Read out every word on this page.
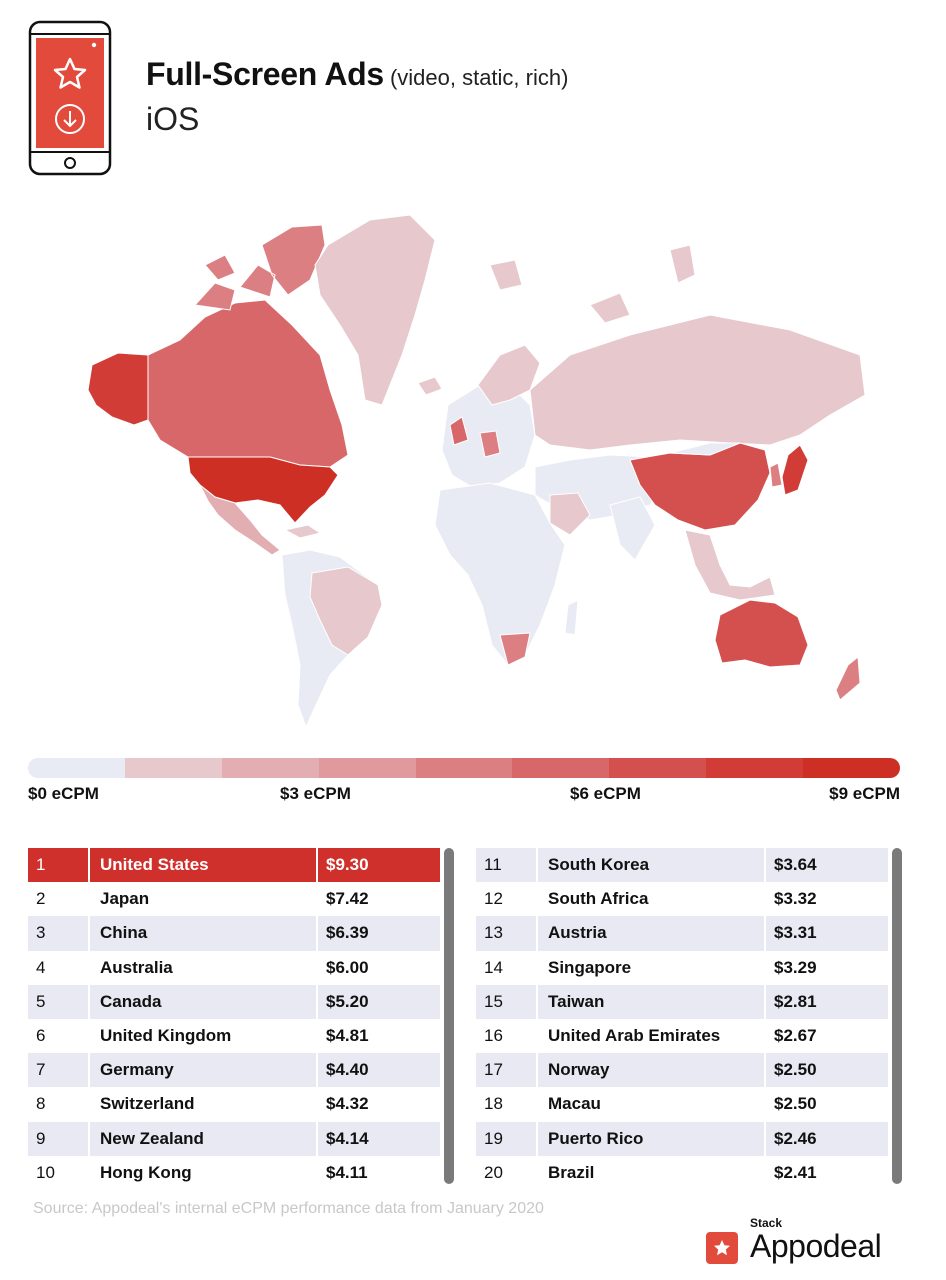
Full-Screen Ads (video, static, rich)
iOS
$0 eCPM	$3 eCPM	$6 eCPM	$9 eCPM
1	United States	$9.30
2	Japan	$7.42
3	China	$6.39
4	Australia	$6.00
5	Canada	$5.20
6	United Kingdom	$4.81
7	Germany	$4.40
8	Switzerland	$4.32
9	New Zealand	$4.14
10	Hong Kong	$4.11
11	South Korea	$3.64
12	South Africa	$3.32
13	Austria	$3.31
14	Singapore	$3.29
15	Taiwan	$2.81
16	United Arab Emirates	$2.67
17	Norway	$2.50
18	Macau	$2.50
19	Puerto Rico	$2.46
20	Brazil	$2.41
Source: Appodeal's internal eCPM performance data from January 2020
Stack
Appodeal
